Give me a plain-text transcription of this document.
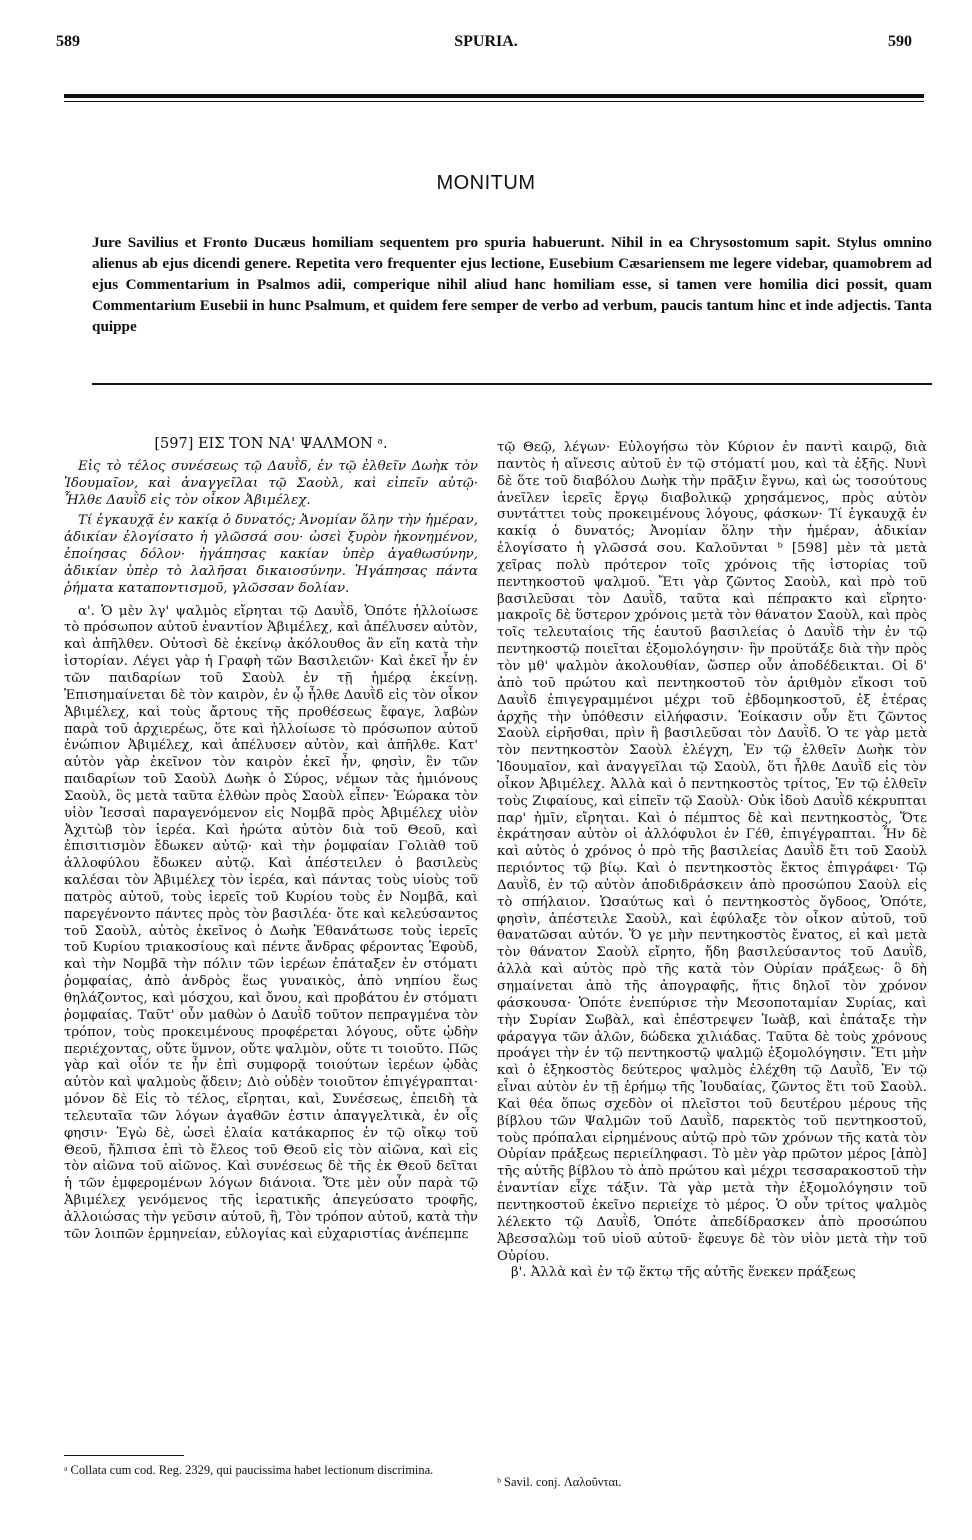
589	SPURIA.	590
MONITUM
Jure Savilius et Fronto Ducæus homiliam sequentem pro spuria habuerunt. Nihil in ea Chrysostomum sapit. Stylus omnino alienus ab ejus dicendi genere. Repetita vero frequenter ejus lectione, Eusebium Cæsariensem me legere videbar, quamobrem ad ejus Commentarium in Psalmos adii, comperique nihil aliud hanc homiliam esse, si tamen vere homilia dici possit, quam Commentarium Eusebii in hunc Psalmum, et quidem fere semper de verbo ad verbum, paucis tantum hinc et inde adjectis. Tanta quippe

[597] ΕΙΣ ΤΟΝ ΝΑ' ΨΑΛΜΟΝ ᵃ.

Εἰς τὸ τέλος συνέσεως τῷ Δαυῒδ, ἐν τῷ ἐλθεῖν Δωὴκ τὸν Ἰδουμαῖον, καὶ ἀναγγεῖλαι τῷ Σαοὺλ, καὶ εἰπεῖν αὐτῷ· Ἦλθε Δαυῒδ εἰς τὸν οἶκον Ἀβιμέλεχ.

Τί ἐγκαυχᾷ ἐν κακίᾳ ὁ δυνατός; Ἀνομίαν ὅλην τὴν ἡμέραν, ἀδικίαν ἐλογίσατο ἡ γλῶσσά σου· ὡσεὶ ξυρὸν ἠκονημένον, ἐποίησας δόλον· ἠγάπησας κακίαν ὑπὲρ ἀγαθωσύνην, ἀδικίαν ὑπὲρ τὸ λαλῆσαι δικαιοσύνην. Ἠγάπησας πάντα ῥήματα καταποντισμοῦ, γλῶσσαν δολίαν.

α'. Ὁ μὲν λγ' ψαλμὸς εἴρηται τῷ Δαυῒδ, Ὁπότε ἠλλοίωσε τὸ πρόσωπον αὐτοῦ ἐναντίον Ἀβιμέλεχ, καὶ ἀπέλυσεν αὐτὸν, καὶ ἀπῆλθεν. Οὑτοσὶ δὲ ἐκείνῳ ἀκόλουθος ἂν εἴη κατὰ τὴν ἱστορίαν. Λέγει γὰρ ἡ Γραφὴ τῶν Βασιλειῶν· Καὶ ἐκεῖ ἦν ἐν τῶν παιδαρίων τοῦ Σαοὺλ ἐν τῇ ἡμέρᾳ ἐκείνῃ. Ἐπισημαίνεται δὲ τὸν καιρὸν, ἐν ᾧ ἦλθε Δαυῒδ εἰς τὸν οἶκον Ἀβιμέλεχ, καὶ τοὺς ἄρτους τῆς προθέσεως ἔφαγε, λαβὼν παρὰ τοῦ ἀρχιερέως, ὅτε καὶ ἠλλοίωσε τὸ πρόσωπον αὐτοῦ ἐνώπιον Ἀβιμέλεχ, καὶ ἀπέλυσεν αὐτὸν, καὶ ἀπῆλθε. Κατ' αὐτὸν γὰρ ἐκεῖνον τὸν καιρὸν ἐκεῖ ἦν, φησὶν, ἓν τῶν παιδαρίων τοῦ Σαοὺλ Δωὴκ ὁ Σύρος, νέμων τὰς ἡμιόνους Σαοὺλ, ὃς μετὰ ταῦτα ἐλθὼν πρὸς Σαοὺλ εἶπεν· Ἑώρακα τὸν υἱὸν Ἰεσσαὶ παραγενόμενον εἰς Νομβᾶ πρὸς Ἀβιμέλεχ υἱὸν Ἀχιτὼβ τὸν ἱερέα. Καὶ ἠρώτα αὐτὸν διὰ τοῦ Θεοῦ, καὶ ἐπισιτισμὸν ἔδωκεν αὐτῷ· καὶ τὴν ῥομφαίαν Γολιὰθ τοῦ ἀλλοφύλου ἔδωκεν αὐτῷ. Καὶ ἀπέστειλεν ὁ βασιλεὺς καλέσαι τὸν Ἀβιμέλεχ τὸν ἱερέα, καὶ πάντας τοὺς υἱοὺς τοῦ πατρὸς αὐτοῦ, τοὺς ἱερεῖς τοῦ Κυρίου τοὺς ἐν Νομβᾶ, καὶ παρεγένοντο πάντες πρὸς τὸν βασιλέα· ὅτε καὶ κελεύσαντος τοῦ Σαοὺλ, αὐτὸς ἐκεῖνος ὁ Δωὴκ Ἐθανάτωσε τοὺς ἱερεῖς τοῦ Κυρίου τριακοσίους καὶ πέντε ἄνδρας φέροντας Ἐφοὺδ, καὶ τὴν Νομβᾶ τὴν πόλιν τῶν ἱερέων ἐπάταξεν ἐν στόματι ῥομφαίας, ἀπὸ ἀνδρὸς ἕως γυναικὸς, ἀπὸ νηπίου ἕως θηλάζοντος, καὶ μόσχου, καὶ ὄνου, καὶ προβάτου ἐν στόματι ῥομφαίας. Ταῦτ' οὖν μαθὼν ὁ Δαυῒδ τοῦτον πεπραγμένα τὸν τρόπον, τοὺς προκειμένους προφέρεται λόγους, οὔτε ᾠδὴν περιέχοντας, οὔτε ὕμνον, οὔτε ψαλμὸν, οὔτε τι τοιοῦτο. Πῶς γὰρ καὶ οἷόν τε ἦν ἐπὶ συμφορᾷ τοιούτων ἱερέων ᾠδὰς αὐτὸν καὶ ψαλμοὺς ᾄδειν; Διὸ οὐδὲν τοιοῦτον ἐπιγέγραπται· μόνον δὲ Εἰς τὸ τέλος, εἴρηται, καὶ, Συνέσεως, ἐπειδὴ τὰ τελευταῖα τῶν λόγων ἀγαθῶν ἐστιν ἀπαγγελτικὰ, ἐν οἷς φησιν· Ἐγὼ δὲ, ὡσεὶ ἐλαία κατάκαρπος ἐν τῷ οἴκῳ τοῦ Θεοῦ, ἤλπισα ἐπὶ τὸ ἔλεος τοῦ Θεοῦ εἰς τὸν αἰῶνα, καὶ εἰς τὸν αἰῶνα τοῦ αἰῶνος. Καὶ συνέσεως δὲ τῆς ἐκ Θεοῦ δεῖται ἡ τῶν ἐμφερομένων λόγων διάνοια. Ὅτε μὲν οὖν παρὰ τῷ Ἀβιμέλεχ γενόμενος τῆς ἱερατικῆς ἀπεγεύσατο τροφῆς, ἀλλοιώσας τὴν γεῦσιν αὐτοῦ, ἢ, Τὸν τρόπον αὐτοῦ, κατὰ τὴν τῶν λοιπῶν ἑρμηνείαν, εὐλογίας καὶ εὐχαριστίας ἀνέπεμπε

ᵃ Collata cum cod. Reg. 2329, qui paucissima habet lectionum discrimina.

τῷ Θεῷ, λέγων· Εὐλογήσω τὸν Κύριον ἐν παντὶ καιρῷ, διὰ παντὸς ἡ αἴνεσις αὐτοῦ ἐν τῷ στόματί μου, καὶ τὰ ἑξῆς. Νυνὶ δὲ ὅτε τοῦ διαβόλου Δωὴκ τὴν πρᾶξιν ἔγνω, καὶ ὡς τοσούτους ἀνεῖλεν ἱερεῖς ἔργῳ διαβολικῷ χρησάμενος, πρὸς αὐτὸν συντάττει τοὺς προκειμένους λόγους, φάσκων· Τί ἐγκαυχᾷ ἐν κακίᾳ ὁ δυνατός; Ἀνομίαν ὅλην τὴν ἡμέραν, ἀδικίαν ἐλογίσατο ἡ γλῶσσά σου. Καλοῦνται ᵇ [598] μὲν τὰ μετὰ χεῖρας πολὺ πρότερον τοῖς χρόνοις τῆς ἱστορίας τοῦ πεντηκοστοῦ ψαλμοῦ. Ἔτι γὰρ ζῶντος Σαοὺλ, καὶ πρὸ τοῦ βασιλεῦσαι τὸν Δαυῒδ, ταῦτα καὶ πέπρακτο καὶ εἴρητο· μακροῖς δὲ ὕστερον χρόνοις μετὰ τὸν θάνατον Σαοὺλ, καὶ πρὸς τοῖς τελευταίοις τῆς ἑαυτοῦ βασιλείας ὁ Δαυῒδ τὴν ἐν τῷ πεντηκοστῷ ποιεῖται ἐξομολόγησιν· ἣν προϋτάξε διὰ τὴν πρὸς τὸν μθ' ψαλμὸν ἀκολουθίαν, ὥσπερ οὖν ἀποδέδεικται. Οἱ δ' ἀπὸ τοῦ πρώτου καὶ πεντηκοστοῦ τὸν ἀριθμὸν εἴκοσι τοῦ Δαυῒδ ἐπιγεγραμμένοι μέχρι τοῦ ἑβδομηκοστοῦ, ἐξ ἑτέρας ἀρχῆς τὴν ὑπόθεσιν εἰλήφασιν. Ἐοίκασιν οὖν ἔτι ζῶντος Σαοὺλ εἰρῆσθαι, πρὶν ἢ βασιλεῦσαι τὸν Δαυῒδ. Ὁ τε γὰρ μετὰ τὸν πεντηκοστὸν Σαοὺλ ἐλέγχη, Ἐν τῷ ἐλθεῖν Δωὴκ τὸν Ἰδουμαῖον, καὶ ἀναγγεῖλαι τῷ Σαοὺλ, ὅτι ἦλθε Δαυῒδ εἰς τὸν οἶκον Ἀβιμέλεχ. Ἀλλὰ καὶ ὁ πεντηκοστὸς τρίτος, Ἐν τῷ ἐλθεῖν τοὺς Ζιφαίους, καὶ εἰπεῖν τῷ Σαοὺλ· Οὐκ ἰδοὺ Δαυῒδ κέκρυπται παρ' ἡμῖν, εἴρηται. Καὶ ὁ πέμπτος δὲ καὶ πεντηκοστὸς, Ὅτε ἐκράτησαν αὐτὸν οἱ ἀλλόφυλοι ἐν Γέθ, ἐπιγέγραπται. Ἦν δὲ καὶ αὐτὸς ὁ χρόνος ὁ πρὸ τῆς βασιλείας Δαυῒδ ἔτι τοῦ Σαοὺλ περιόντος τῷ βίῳ. Καὶ ὁ πεντηκοστὸς ἕκτος ἐπιγράφει· Τῷ Δαυῒδ, ἐν τῷ αὐτὸν ἀποδιδράσκειν ἀπὸ προσώπου Σαοὺλ εἰς τὸ σπήλαιον. Ὡσαύτως καὶ ὁ πεντηκοστὸς ὄγδοος, Ὁπότε, φησὶν, ἀπέστειλε Σαοὺλ, καὶ ἐφύλαξε τὸν οἶκον αὐτοῦ, τοῦ θανατῶσαι αὐτόν. Ὅ γε μὴν πεντηκοστὸς ἔνατος, εἰ καὶ μετὰ τὸν θάνατον Σαοὺλ εἴρητο, ἤδη βασιλεύσαντος τοῦ Δαυῒδ, ἀλλὰ καὶ αὐτὸς πρὸ τῆς κατὰ τὸν Οὐρίαν πράξεως· ὃ δὴ σημαίνεται ἀπὸ τῆς ἀπογραφῆς, ἥτις δηλοῖ τὸν χρόνον φάσκουσα· Ὁπότε ἐνεπύρισε τὴν Μεσοποταμίαν Συρίας, καὶ τὴν Συρίαν Σωβὰλ, καὶ ἐπέστρεψεν Ἰωὰβ, καὶ ἐπάταξε τὴν φάραγγα τῶν ἁλῶν, δώδεκα χιλιάδας. Ταῦτα δὲ τοὺς χρόνους προάγει τὴν ἐν τῷ πεντηκοστῷ ψαλμῷ ἐξομολόγησιν. Ἔτι μὴν καὶ ὁ ἑξηκοστὸς δεύτερος ψαλμὸς ἐλέχθη τῷ Δαυῒδ, Ἐν τῷ εἶναι αὐτὸν ἐν τῇ ἐρήμῳ τῆς Ἰουδαίας, ζῶντος ἔτι τοῦ Σαοὺλ. Καὶ θέα ὅπως σχεδὸν οἱ πλεῖστοι τοῦ δευτέρου μέρους τῆς βίβλου τῶν Ψαλμῶν τοῦ Δαυῒδ, παρεκτὸς τοῦ πεντηκοστοῦ, τοὺς πρόπαλαι εἰρημένους αὐτῷ πρὸ τῶν χρόνων τῆς κατὰ τὸν Οὐρίαν πράξεως περιείληφασι. Τὸ μὲν γὰρ πρῶτον μέρος [ἀπὸ] τῆς αὐτῆς βίβλου τὸ ἀπὸ πρώτου καὶ μέχρι τεσσαρακοστοῦ τὴν ἐναντίαν εἶχε τάξιν. Τὰ γὰρ μετὰ τὴν ἐξομολόγησιν τοῦ πεντηκοστοῦ ἐκεῖνο περιείχε τὸ μέρος. Ὁ οὖν τρίτος ψαλμὸς λέλεκτο τῷ Δαυῒδ, Ὁπότε ἀπεδίδρασκεν ἀπὸ προσώπου Ἀβεσσαλὼμ τοῦ υἱοῦ αὐτοῦ· ἔφευγε δὲ τὸν υἱὸν μετὰ τὴν τοῦ Οὐρίου.

β'. Ἀλλὰ καὶ ἐν τῷ ἕκτῳ τῆς αὐτῆς ἕνεκεν πράξεως

ᵇ Savil. conj. Λαλοῦνται.
